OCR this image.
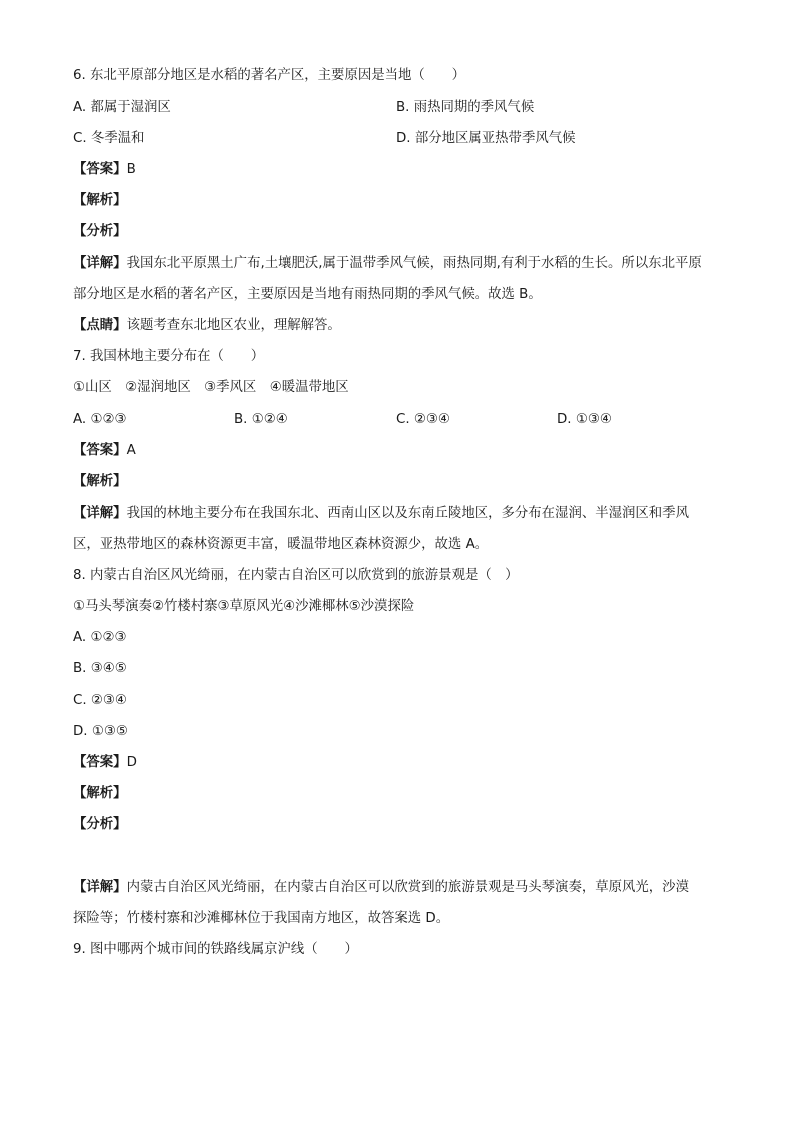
6. 东北平原部分地区是水稻的著名产区，主要原因是当地（　　）
A. 都属于湿润区	B. 雨热同期的季风气候
C. 冬季温和	D. 部分地区属亚热带季风气候
【答案】B
【解析】
【分析】
【详解】我国东北平原黑土广布,土壤肥沃,属于温带季风气候，雨热同期,有利于水稻的生长。所以东北平原
部分地区是水稻的著名产区，主要原因是当地有雨热同期的季风气候。故选 B。
【点睛】该题考查东北地区农业，理解解答。
7. 我国林地主要分布在（　　）
①山区　②湿润地区　③季风区　④暖温带地区
A. ①②③	B. ①②④	C. ②③④	D. ①③④
【答案】A
【解析】
【详解】我国的林地主要分布在我国东北、西南山区以及东南丘陵地区，多分布在湿润、半湿润区和季风
区，亚热带地区的森林资源更丰富，暖温带地区森林资源少，故选 A。
8. 内蒙古自治区风光绮丽，在内蒙古自治区可以欣赏到的旅游景观是（　）
①马头琴演奏②竹楼村寨③草原风光④沙滩椰林⑤沙漠探险
A. ①②③
B. ③④⑤
C. ②③④
D. ①③⑤
【答案】D
【解析】
【分析】
【详解】内蒙古自治区风光绮丽，在内蒙古自治区可以欣赏到的旅游景观是马头琴演奏，草原风光，沙漠
探险等；竹楼村寨和沙滩椰林位于我国南方地区，故答案选 D。
9. 图中哪两个城市间的铁路线属京沪线（　　）
